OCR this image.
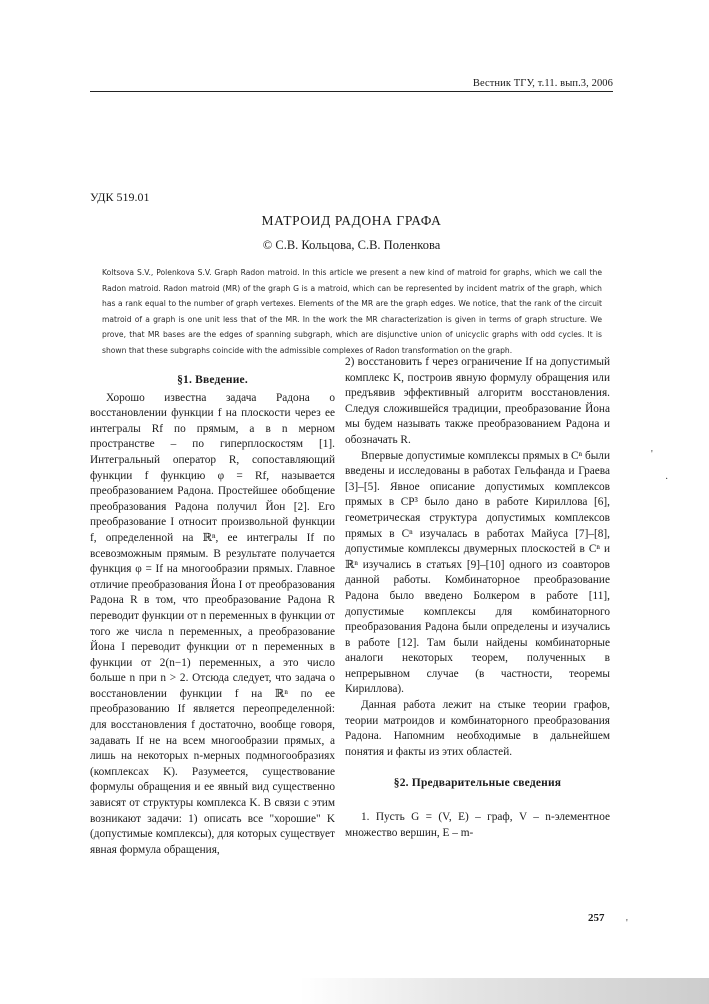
Вестник ТГУ, т.11. вып.3, 2006
УДК 519.01
МАТРОИД РАДОНА ГРАФА
© С.В. Кольцова, С.В. Поленкова
Koltsova S.V., Polenkova S.V. Graph Radon matroid. In this article we present a new kind of matroid for graphs, which we call the Radon matroid. Radon matroid (MR) of the graph G is a matroid, which can be represented by incident matrix of the graph, which has a rank equal to the number of graph vertexes. Elements of the MR are the graph edges. We notice, that the rank of the circuit matroid of a graph is one unit less that of the MR. In the work the MR characterization is given in terms of graph structure. We prove, that MR bases are the edges of spanning subgraph, which are disjunctive union of unicyclic graphs with odd cycles. It is shown that these subgraphs coincide with the admissible complexes of Radon transformation on the graph.
§1. Введение.

Хорошо известна задача Радона о восстановлении функции f на плоскости через ее интегралы Rf по прямым, а в n мерном пространстве – по гиперплоскостям [1]. Интегральный оператор R, сопоставляющий функции f функцию φ = Rf, называется преобразованием Радона. Простейшее обобщение преобразования Радона получил Йон [2]. Его преобразование I относит произвольной функции f, определенной на ℝⁿ, ее интегралы If по всевозможным прямым. В результате получается функция φ = If на многообразии прямых. Главное отличие преобразования Йона I от преобразования Радона R в том, что преобразование Радона R переводит функции от n переменных в функции от того же числа n переменных, а преобразование Йона I переводит функции от n переменных в функции от 2(n−1) переменных, а это число больше n при n > 2. Отсюда следует, что задача о восстановлении функции f на ℝⁿ по ее преобразованию If является переопределенной: для восстановления f достаточно, вообще говоря, задавать If не на всем многообразии прямых, а лишь на некоторых n-мерных подмногообразиях (комплексах K). Разумеется, существование формулы обращения и ее явный вид существенно зависят от структуры комплекса K. В связи с этим возникают задачи: 1) описать все "хорошие" K (допустимые комплексы), для которых существует явная формула обращения,

2) восстановить f через ограничение If на допустимый комплекс K, построив явную формулу обращения или предъявив эффективный алгоритм восстановления. Следуя сложившейся традиции, преобразование Йона мы будем называть также преобразованием Радона и обозначать R.

Впервые допустимые комплексы прямых в Cⁿ были введены и исследованы в работах Гельфанда и Граева [3]–[5]. Явное описание допустимых комплексов прямых в CP³ было дано в работе Кириллова [6], геометрическая структура допустимых комплексов прямых в Cⁿ изучалась в работах Майуса [7]–[8], допустимые комплексы двумерных плоскостей в Cⁿ и ℝⁿ изучались в статьях [9]–[10] одного из соавторов данной работы. Комбинаторное преобразование Радона было введено Болкером в работе [11], допустимые комплексы для комбинаторного преобразования Радона были определены и изучались в работе [12]. Там были найдены комбинаторные аналоги некоторых теорем, полученных в непрерывном случае (в частности, теоремы Кириллова).

Данная работа лежит на стыке теории графов, теории матроидов и комбинаторного преобразования Радона. Напомним необходимые в дальнейшем понятия и факты из этих областей.

§2. Предварительные сведения

1. Пусть G = (V, E) – граф, V – n-элементное множество вершин, E – m-

257
'
·
'
